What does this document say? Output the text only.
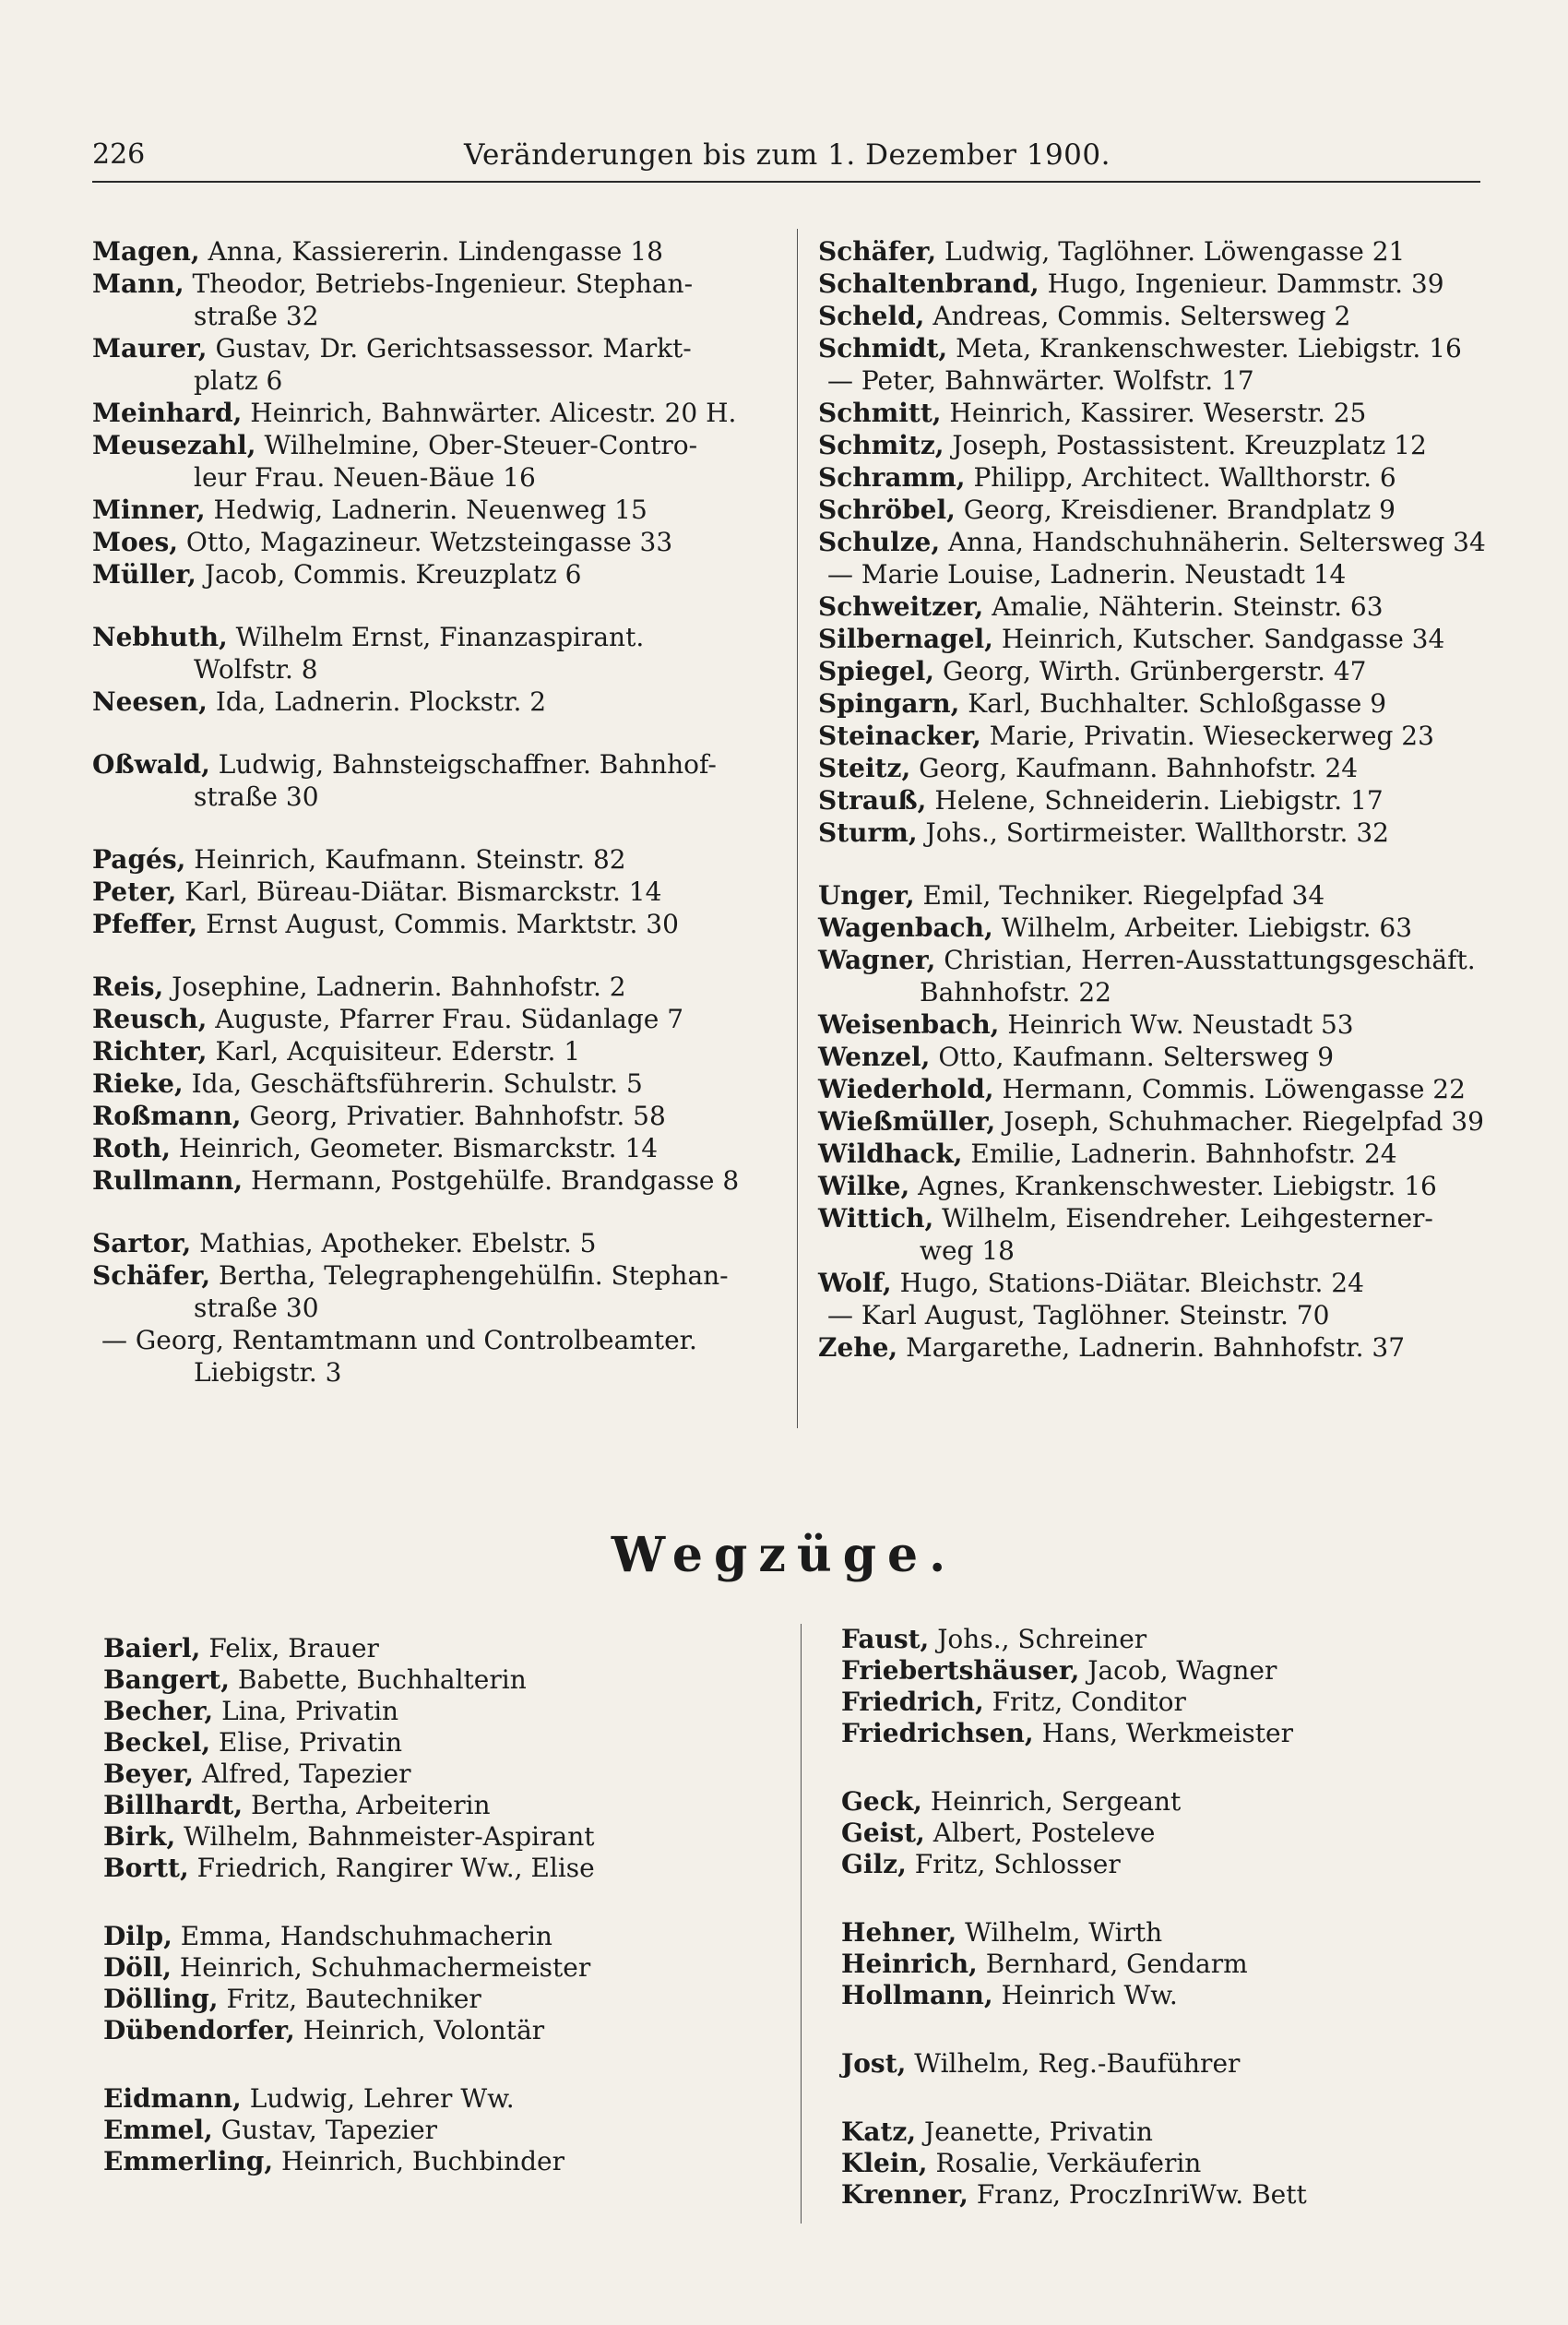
226	Veränderungen bis zum 1. Dezember 1900.
Magen, Anna, Kassiererin. Lindengasse 18
Mann, Theodor, Betriebs-Ingenieur. Stephan-
straße 32
Maurer, Gustav, Dr. Gerichtsassessor. Markt-
platz 6
Meinhard, Heinrich, Bahnwärter. Alicestr. 20 H.
Meusezahl, Wilhelmine, Ober-Steuer-Contro-
leur Frau. Neuen-Bäue 16
Minner, Hedwig, Ladnerin. Neuenweg 15
Moes, Otto, Magazineur. Wetzsteingasse 33
Müller, Jacob, Commis. Kreuzplatz 6
Nebhuth, Wilhelm Ernst, Finanzaspirant.
Wolfstr. 8
Neesen, Ida, Ladnerin. Plockstr. 2
Oßwald, Ludwig, Bahnsteigschaffner. Bahnhof-
straße 30
Pagés, Heinrich, Kaufmann. Steinstr. 82
Peter, Karl, Büreau-Diätar. Bismarckstr. 14
Pfeffer, Ernst August, Commis. Marktstr. 30
Reis, Josephine, Ladnerin. Bahnhofstr. 2
Reusch, Auguste, Pfarrer Frau. Südanlage 7
Richter, Karl, Acquisiteur. Ederstr. 1
Rieke, Ida, Geschäftsführerin. Schulstr. 5
Roßmann, Georg, Privatier. Bahnhofstr. 58
Roth, Heinrich, Geometer. Bismarckstr. 14
Rullmann, Hermann, Postgehülfe. Brandgasse 8
Sartor, Mathias, Apotheker. Ebelstr. 5
Schäfer, Bertha, Telegraphengehülfin. Stephan-
straße 30
— Georg, Rentamtmann und Controlbeamter.
Liebigstr. 3
Schäfer, Ludwig, Taglöhner. Löwengasse 21
Schaltenbrand, Hugo, Ingenieur. Dammstr. 39
Scheld, Andreas, Commis. Seltersweg 2
Schmidt, Meta, Krankenschwester. Liebigstr. 16
— Peter, Bahnwärter. Wolfstr. 17
Schmitt, Heinrich, Kassirer. Weserstr. 25
Schmitz, Joseph, Postassistent. Kreuzplatz 12
Schramm, Philipp, Architect. Wallthorstr. 6
Schröbel, Georg, Kreisdiener. Brandplatz 9
Schulze, Anna, Handschuhnäherin. Seltersweg 34
— Marie Louise, Ladnerin. Neustadt 14
Schweitzer, Amalie, Nähterin. Steinstr. 63
Silbernagel, Heinrich, Kutscher. Sandgasse 34
Spiegel, Georg, Wirth. Grünbergerstr. 47
Spingarn, Karl, Buchhalter. Schloßgasse 9
Steinacker, Marie, Privatin. Wieseckerweg 23
Steitz, Georg, Kaufmann. Bahnhofstr. 24
Strauß, Helene, Schneiderin. Liebigstr. 17
Sturm, Johs., Sortirmeister. Wallthorstr. 32
Unger, Emil, Techniker. Riegelpfad 34
Wagenbach, Wilhelm, Arbeiter. Liebigstr. 63
Wagner, Christian, Herren-Ausstattungsgeschäft.
Bahnhofstr. 22
Weisenbach, Heinrich Ww. Neustadt 53
Wenzel, Otto, Kaufmann. Seltersweg 9
Wiederhold, Hermann, Commis. Löwengasse 22
Wießmüller, Joseph, Schuhmacher. Riegelpfad 39
Wildhack, Emilie, Ladnerin. Bahnhofstr. 24
Wilke, Agnes, Krankenschwester. Liebigstr. 16
Wittich, Wilhelm, Eisendreher. Leihgesterner-
weg 18
Wolf, Hugo, Stations-Diätar. Bleichstr. 24
— Karl August, Taglöhner. Steinstr. 70
Zehe, Margarethe, Ladnerin. Bahnhofstr. 37
Wegzüge.
Baierl, Felix, Brauer
Bangert, Babette, Buchhalterin
Becher, Lina, Privatin
Beckel, Elise, Privatin
Beyer, Alfred, Tapezier
Billhardt, Bertha, Arbeiterin
Birk, Wilhelm, Bahnmeister-Aspirant
Bortt, Friedrich, Rangirer Ww., Elise
Dilp, Emma, Handschuhmacherin
Döll, Heinrich, Schuhmachermeister
Dölling, Fritz, Bautechniker
Dübendorfer, Heinrich, Volontär
Eidmann, Ludwig, Lehrer Ww.
Emmel, Gustav, Tapezier
Emmerling, Heinrich, Buchbinder
Faust, Johs., Schreiner
Friebertshäuser, Jacob, Wagner
Friedrich, Fritz, Conditor
Friedrichsen, Hans, Werkmeister
Geck, Heinrich, Sergeant
Geist, Albert, Posteleve
Gilz, Fritz, Schlosser
Hehner, Wilhelm, Wirth
Heinrich, Bernhard, Gendarm
Hollmann, Heinrich Ww.
Jost, Wilhelm, Reg.-Bauführer
Katz, Jeanette, Privatin
Klein, Rosalie, Verkäuferin
Krenner, Franz, ProczInriWw. Bett
